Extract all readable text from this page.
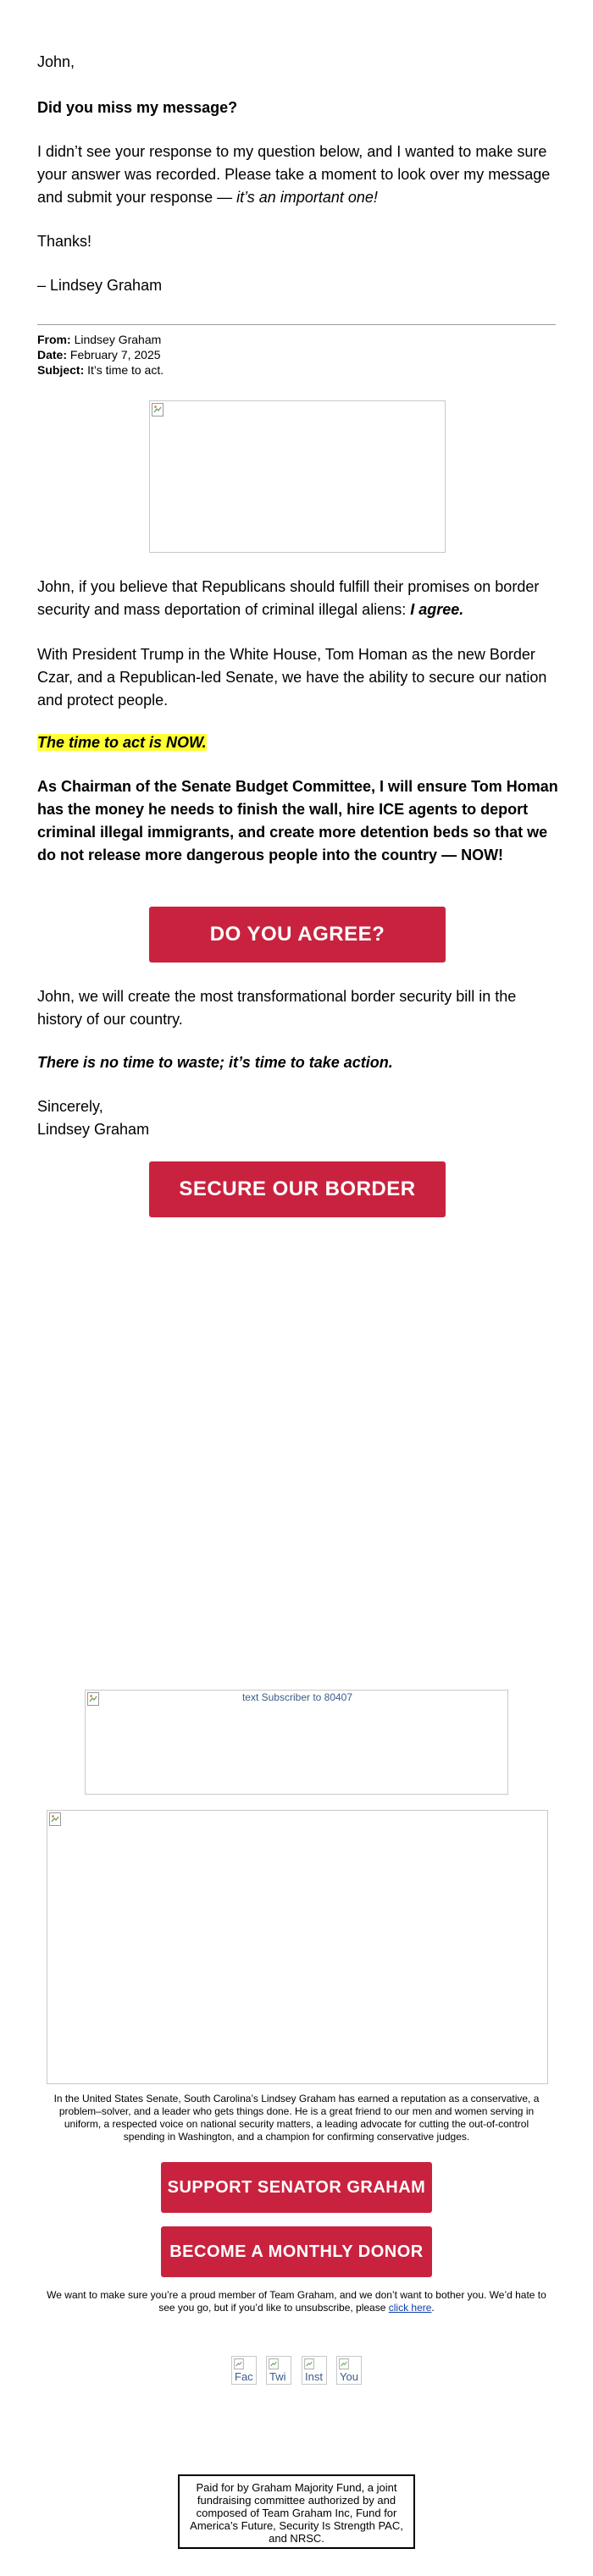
John,

Did you miss my message?

I didn’t see your response to my question below, and I wanted to make sure your answer was recorded. Please take a moment to look over my message and submit your response — it’s an important one!

Thanks!

– Lindsey Graham

From: Lindsey Graham
Date: February 7, 2025
Subject: It’s time to act.

John, if you believe that Republicans should fulfill their promises on border security and mass deportation of criminal illegal aliens: I agree.

With President Trump in the White House, Tom Homan as the new Border Czar, and a Republican-led Senate, we have the ability to secure our nation and protect people.

The time to act is NOW.

As Chairman of the Senate Budget Committee, I will ensure Tom Homan has the money he needs to finish the wall, hire ICE agents to deport criminal illegal immigrants, and create more detention beds so that we do not release more dangerous people into the country — NOW!

DO YOU AGREE?

John, we will create the most transformational border security bill in the history of our country.

There is no time to waste; it’s time to take action.

Sincerely,

Lindsey Graham

SECURE OUR BORDER
text Subscriber to 80407
In the United States Senate, South Carolina’s Lindsey Graham has earned a reputation as a conservative, a problem–solver, and a leader who gets things done. He is a great friend to our men and women serving in uniform, a respected voice on national security matters, a leading advocate for cutting the out-of-control spending in Washington, and a champion for confirming conservative judges.
SUPPORT SENATOR GRAHAM
BECOME A MONTHLY DONOR
We want to make sure you’re a proud member of Team Graham, and we don’t want to bother you. We’d hate to see you go, but if you’d like to unsubscribe, please click here.
Fac Twi Inst You
Paid for by Graham Majority Fund, a joint fundraising committee authorized by and composed of Team Graham Inc, Fund for America’s Future, Security Is Strength PAC, and NRSC.
